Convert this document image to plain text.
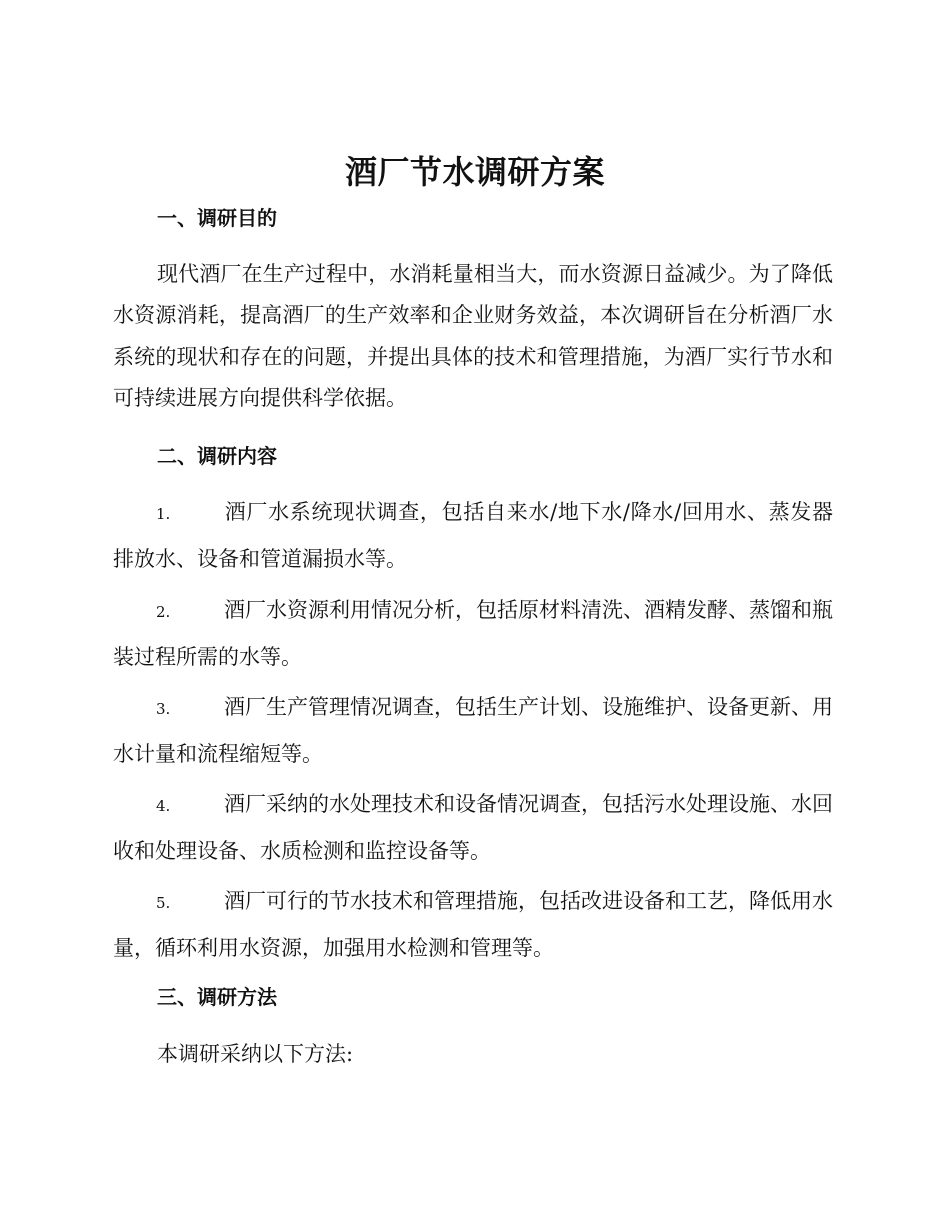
酒厂节水调研方案
一、调研目的

现代酒厂在生产过程中，水消耗量相当大，而水资源日益减少。为了降低水资源消耗，提高酒厂的生产效率和企业财务效益，本次调研旨在分析酒厂水系统的现状和存在的问题，并提出具体的技术和管理措施，为酒厂实行节水和可持续进展方向提供科学依据。

二、调研内容
1.	酒厂水系统现状调查，包括自来水/地下水/降水/回用水、蒸发器排放水、设备和管道漏损水等。
2.	酒厂水资源利用情况分析，包括原材料清洗、酒精发酵、蒸馏和瓶装过程所需的水等。
3.	酒厂生产管理情况调查，包括生产计划、设施维护、设备更新、用水计量和流程缩短等。
4.	酒厂采纳的水处理技术和设备情况调查，包括污水处理设施、水回收和处理设备、水质检测和监控设备等。
5.	酒厂可行的节水技术和管理措施，包括改进设备和工艺，降低用水量，循环利用水资源，加强用水检测和管理等。
三、调研方法

本调研采纳以下方法:
